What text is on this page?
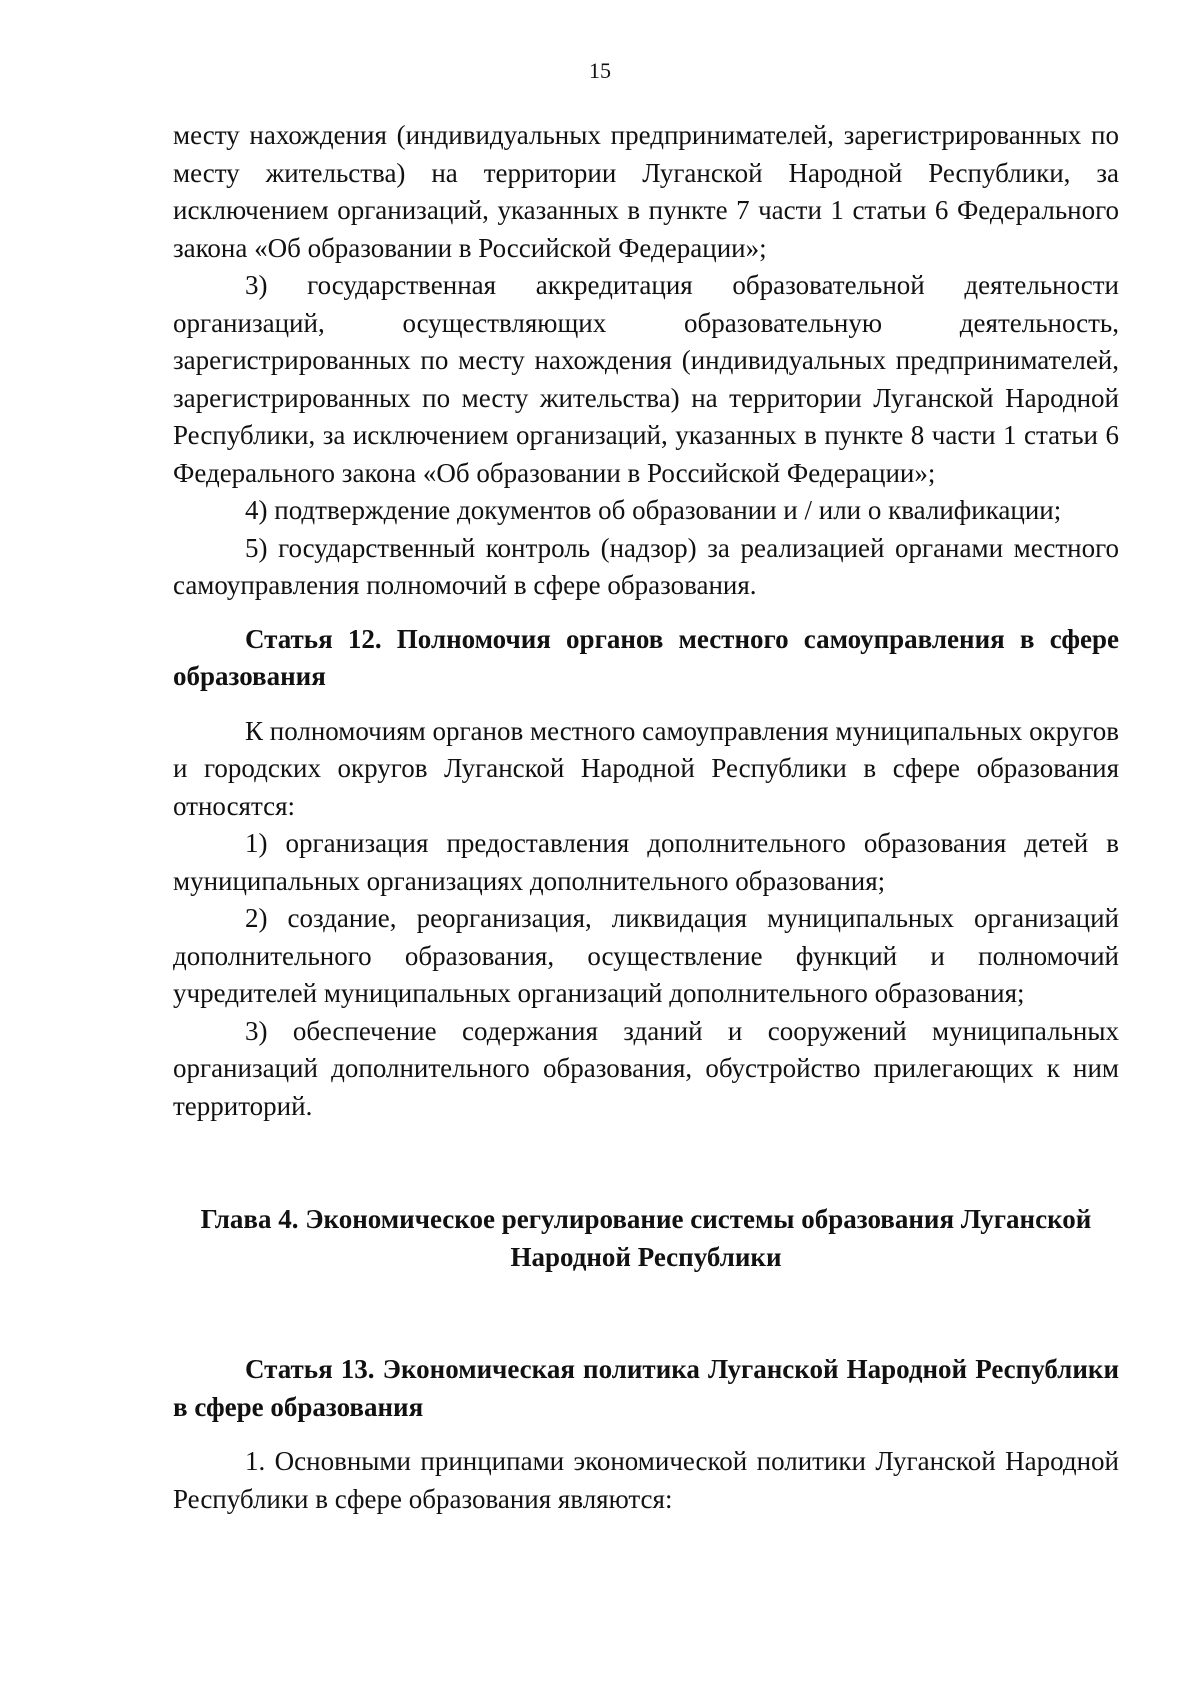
15

месту нахождения (индивидуальных предпринимателей, зарегистрированных по месту жительства) на территории Луганской Народной Республики, за исключением организаций, указанных в пункте 7 части 1 статьи 6 Федерального закона «Об образовании в Российской Федерации»;

3) государственная аккредитация образовательной деятельности организаций, осуществляющих образовательную деятельность, зарегистрированных по месту нахождения (индивидуальных предпринимателей, зарегистрированных по месту жительства) на территории Луганской Народной Республики, за исключением организаций, указанных в пункте 8 части 1 статьи 6 Федерального закона «Об образовании в Российской Федерации»;

4) подтверждение документов об образовании и / или о квалификации;

5) государственный контроль (надзор) за реализацией органами местного самоуправления полномочий в сфере образования.

Статья 12. Полномочия органов местного самоуправления в сфере образования

К полномочиям органов местного самоуправления муниципальных округов и городских округов Луганской Народной Республики в сфере образования относятся:

1) организация предоставления дополнительного образования детей в муниципальных организациях дополнительного образования;

2) создание, реорганизация, ликвидация муниципальных организаций дополнительного образования, осуществление функций и полномочий учредителей муниципальных организаций дополнительного образования;

3) обеспечение содержания зданий и сооружений муниципальных организаций дополнительного образования, обустройство прилегающих к ним территорий.

Глава 4. Экономическое регулирование системы образования Луганской
Народной Республики

Статья 13. Экономическая политика Луганской Народной Республики в сфере образования

1. Основными принципами экономической политики Луганской Народной Республики в сфере образования являются:
